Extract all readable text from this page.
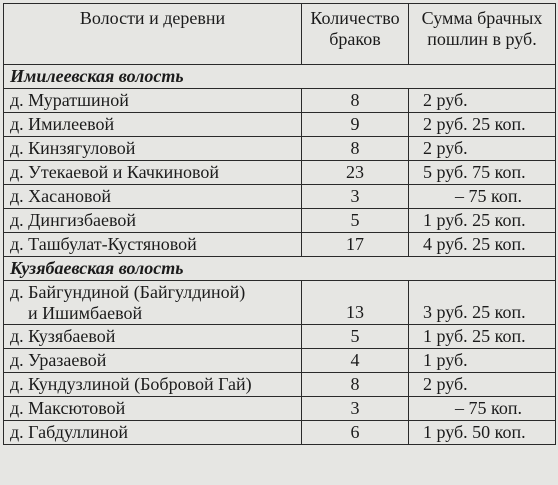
Волости и деревни	Количество браков	Сумма брачных пошлин в руб.
Имилеевская волость		
д. Муратшиной	8	2 руб.
д. Имилеевой	9	2 руб. 25 коп.
д. Кинзягуловой	8	2 руб.
д. Утекаевой и Качкиновой	23	5 руб. 75 коп.
д. Хасановой	3	– 75 коп.
д. Дингизбаевой	5	1 руб. 25 коп.
д. Ташбулат-Кустяновой	17	4 руб. 25 коп.
Кузябаевская волость		

д. Байгундиной (Байгулдиной)
и Ишимбаевой	13	3 руб. 25 коп.
д. Кузябаевой	5	1 руб. 25 коп.
д. Уразаевой	4	1 руб.
д. Кундузлиной (Бобровой Гай)	8	2 руб.
д. Максютовой	3	– 75 коп.
д. Габдуллиной	6	1 руб. 50 коп.
